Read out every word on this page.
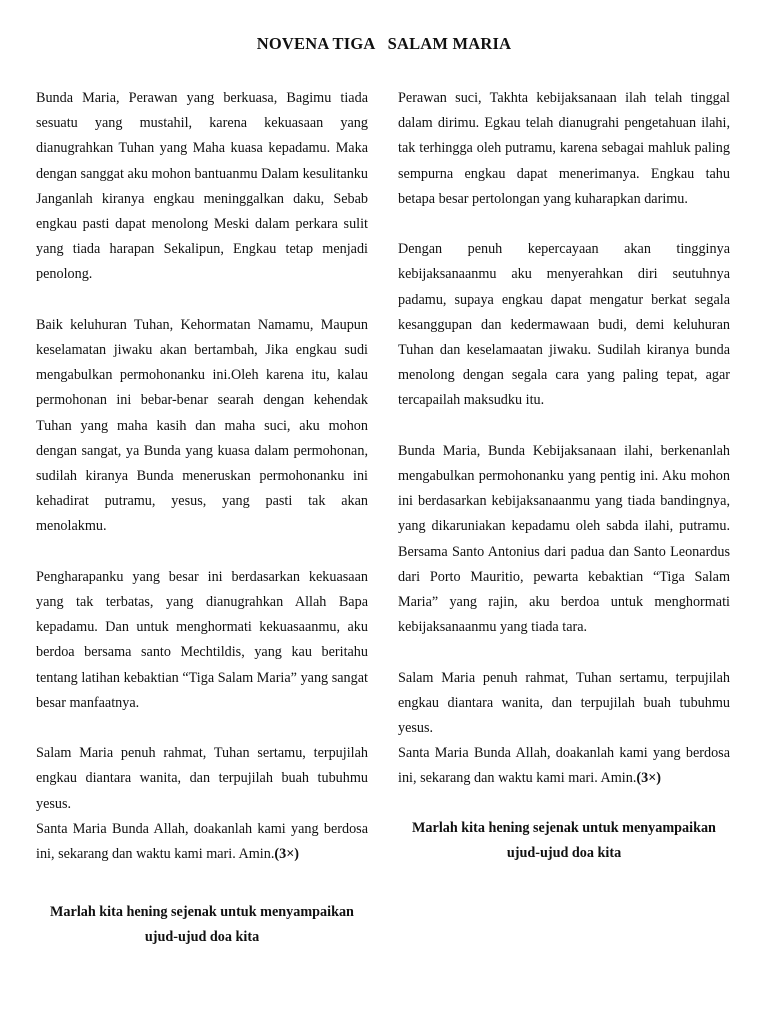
NOVENA TIGA   SALAM MARIA

Bunda Maria, Perawan yang berkuasa, Bagimu tiada sesuatu yang mustahil, karena kekuasaan yang dianugrahkan Tuhan yang Maha kuasa kepadamu. Maka dengan sanggat aku mohon bantuanmu Dalam kesulitanku Janganlah kiranya engkau meninggalkan daku, Sebab engkau pasti dapat menolong Meski dalam perkara sulit yang tiada harapan Sekalipun, Engkau tetap menjadi penolong.

Baik keluhuran Tuhan, Kehormatan Namamu, Maupun keselamatan jiwaku akan bertambah, Jika engkau sudi mengabulkan permohonanku ini.Oleh karena itu, kalau permohonan ini bebar-benar searah dengan kehendak Tuhan yang maha kasih dan maha suci, aku mohon dengan sangat, ya Bunda yang kuasa dalam permohonan, sudilah kiranya Bunda meneruskan permohonanku ini kehadirat putramu, yesus, yang pasti tak akan menolakmu.

Pengharapanku yang besar ini berdasarkan kekuasaan yang tak terbatas, yang dianugrahkan Allah Bapa kepadamu. Dan untuk menghormati kekuasaanmu, aku berdoa bersama santo Mechtildis, yang kau beritahu tentang latihan kebaktian “Tiga Salam Maria” yang sangat besar manfaatnya.

Salam Maria penuh rahmat, Tuhan sertamu, terpujilah engkau diantara wanita, dan terpujilah buah tubuhmu yesus.

Santa Maria Bunda Allah, doakanlah kami yang berdosa ini, sekarang dan waktu kami mari. Amin.(3×)

Marlah kita hening sejenak untuk menyampaikan ujud-ujud doa kita

Perawan suci, Takhta kebijaksanaan ilah telah tinggal dalam dirimu. Egkau telah dianugrahi pengetahuan ilahi, tak terhingga oleh putramu, karena sebagai mahluk paling sempurna engkau dapat menerimanya. Engkau tahu betapa besar pertolongan yang kuharapkan darimu.

Dengan penuh kepercayaan akan tingginya kebijaksanaanmu aku menyerahkan diri seutuhnya padamu, supaya engkau dapat mengatur berkat segala kesanggupan dan kedermawaan budi, demi keluhuran Tuhan dan keselamaatan jiwaku. Sudilah kiranya bunda menolong dengan segala cara yang paling tepat, agar tercapailah maksudku itu.

Bunda Maria, Bunda Kebijaksanaan ilahi, berkenanlah mengabulkan permohonanku yang pentig ini. Aku mohon ini berdasarkan kebijaksanaanmu yang tiada bandingnya, yang dikaruniakan kepadamu oleh sabda ilahi, putramu. Bersama Santo Antonius dari padua dan Santo Leonardus dari Porto Mauritio, pewarta kebaktian “Tiga Salam Maria” yang rajin, aku berdoa untuk menghormati kebijaksanaanmu yang tiada tara.

Salam Maria penuh rahmat, Tuhan sertamu, terpujilah engkau diantara wanita, dan terpujilah buah tubuhmu yesus.

Santa Maria Bunda Allah, doakanlah kami yang berdosa ini, sekarang dan waktu kami mari. Amin.(3×)

Marlah kita hening sejenak untuk menyampaikan ujud-ujud doa kita
